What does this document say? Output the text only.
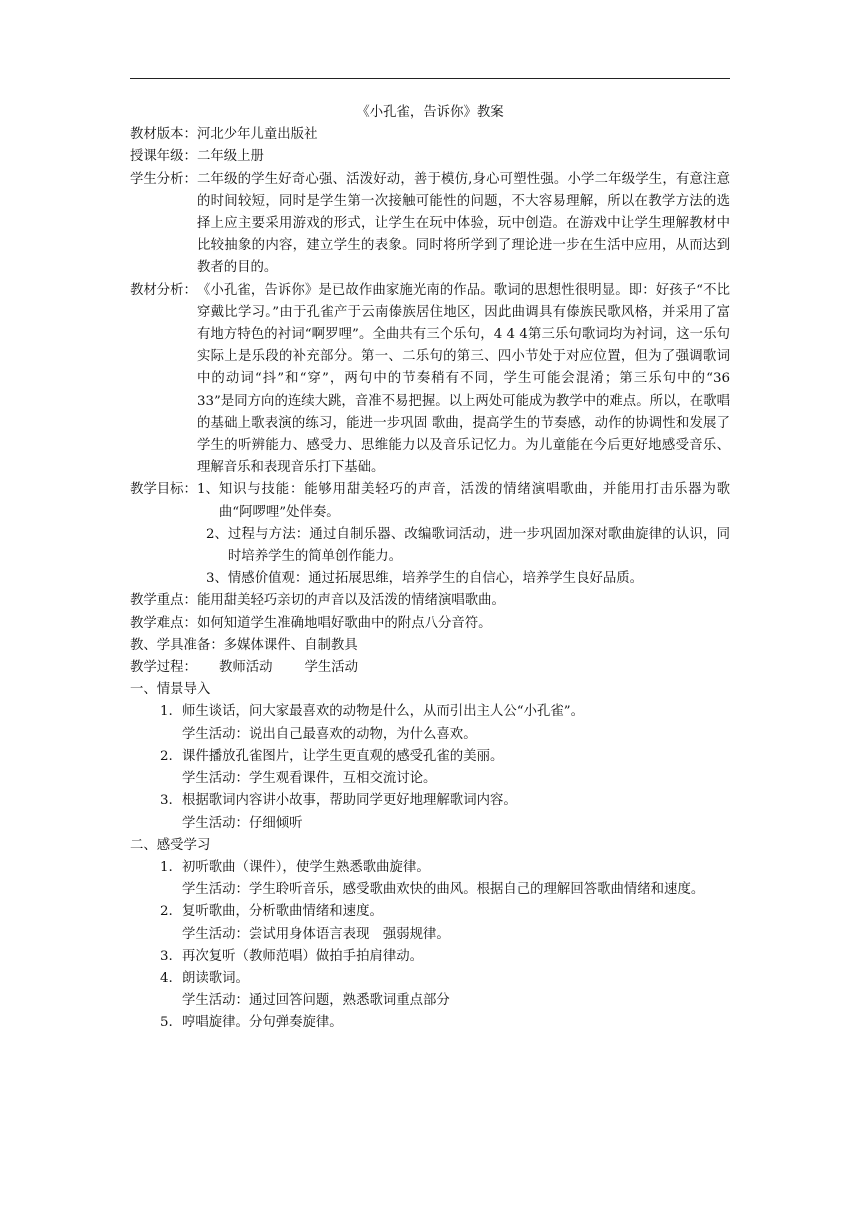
《小孔雀，告诉你》教案
教材版本： 河北少年儿童出版社
授课年级： 二年级上册
学生分析： 二年级的学生好奇心强、活泼好动，善于模仿,身心可塑性强。小学二年级学生，有意注意的时间较短，同时是学生第一次接触可能性的问题，不大容易理解，所以在教学方法的选择上应主要采用游戏的形式，让学生在玩中体验，玩中创造。在游戏中让学生理解教材中比较抽象的内容，建立学生的表象。同时将所学到了理论进一步在生活中应用，从而达到教者的目的。
教材分析： 《小孔雀，告诉你》是已故作曲家施光南的作品。歌词的思想性很明显。即：好孩子“不比穿戴比学习。”由于孔雀产于云南傣族居住地区，因此曲调具有傣族民歌风格，并采用了富有地方特色的衬词“啊罗哩”。全曲共有三个乐句，4 4 4第三乐句歌词均为衬词，这一乐句实际上是乐段的补充部分。第一、二乐句的第三、四小节处于对应位置，但为了强调歌词中的动词“抖”和“穿”，两句中的节奏稍有不同，学生可能会混淆；第三乐句中的“36 33”是同方向的连续大跳，音准不易把握。以上两处可能成为教学中的难点。所以，在歌唱的基础上歌表演的练习，能进一步巩固 歌曲，提高学生的节奏感，动作的协调性和发展了学生的听辨能力、感受力、思维能力以及音乐记忆力。为儿童能在今后更好地感受音乐、理解音乐和表现音乐打下基础。
教学目标： 1、 知识与技能：能够用甜美轻巧的声音，活泼的情绪演唱歌曲，并能用打击乐器为歌曲“阿啰哩”处伴奏。
2、 过程与方法：通过自制乐器、改编歌词活动，进一步巩固加深对歌曲旋律的认识，同时培养学生的简单创作能力。
3、 情感价值观：通过拓展思维，培养学生的自信心，培养学生良好品质。
教学重点： 能用甜美轻巧亲切的声音以及活泼的情绪演唱歌曲。
教学难点： 如何知道学生准确地唱好歌曲中的附点八分音符。
教、学具准备： 多媒体课件、自制教具
教学过程： 教师活动 学生活动
一、情景导入
1. 师生谈话，问大家最喜欢的动物是什么，从而引出主人公“小孔雀”。
学生活动：说出自己最喜欢的动物，为什么喜欢。
2. 课件播放孔雀图片，让学生更直观的感受孔雀的美丽。
学生活动：学生观看课件，互相交流讨论。
3. 根据歌词内容讲小故事，帮助同学更好地理解歌词内容。
学生活动：仔细倾听
二、感受学习
1. 初听歌曲（课件），使学生熟悉歌曲旋律。
学生活动：学生聆听音乐，感受歌曲欢快的曲风。根据自己的理解回答歌曲情绪和速度。
2. 复听歌曲，分析歌曲情绪和速度。
学生活动：尝试用身体语言表现　强弱规律。
3. 再次复听（教师范唱）做拍手拍肩律动。
4. 朗读歌词。
学生活动：通过回答问题，熟悉歌词重点部分
5. 哼唱旋律。分句弹奏旋律。
